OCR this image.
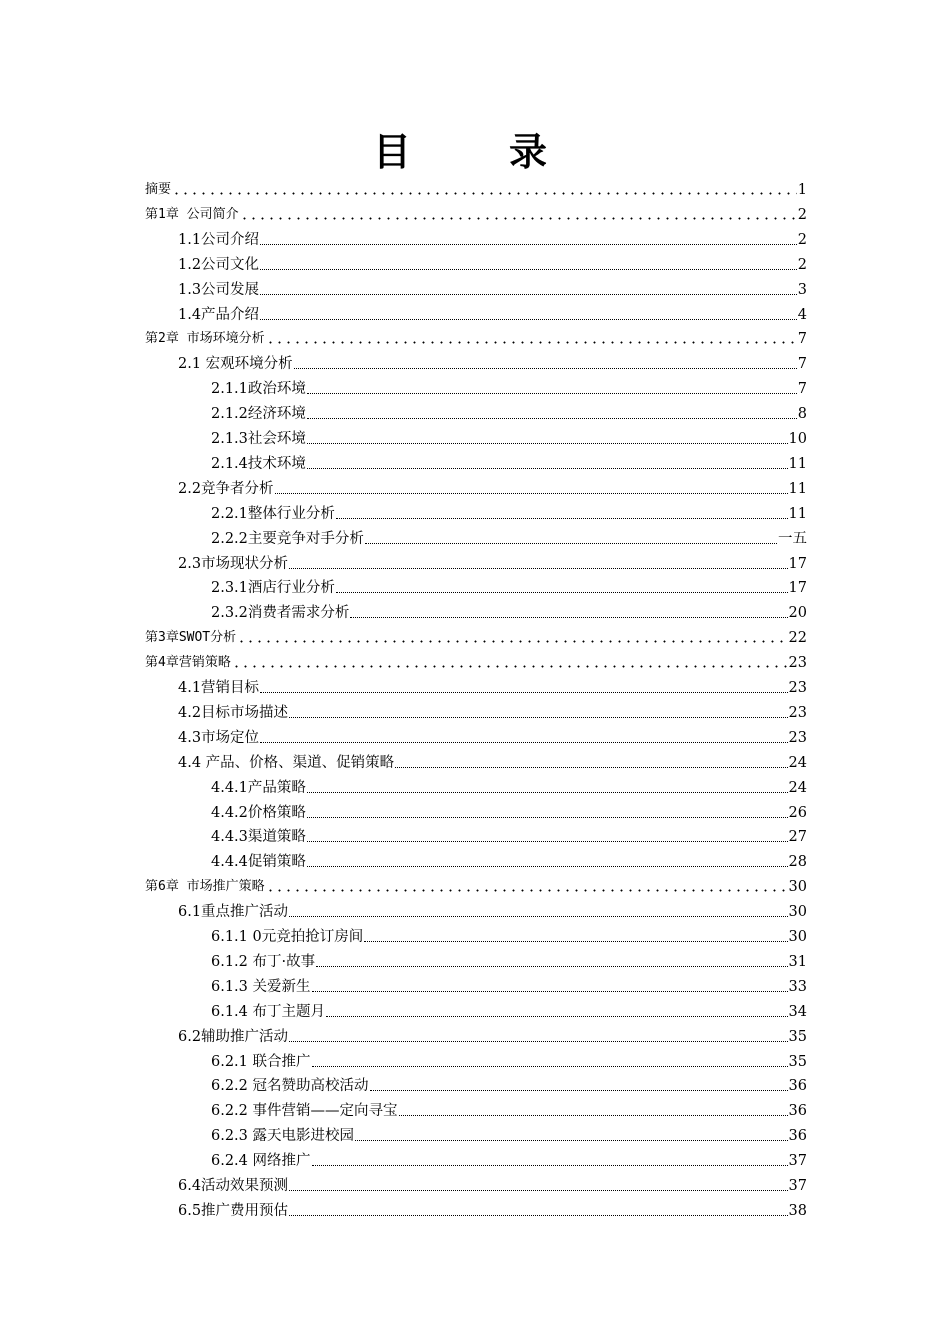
目　录
摘要	1
第1章 公司简介	2
1.1公司介绍	2
1.2公司文化	2
1.3公司发展	3
1.4产品介绍	4
第2章 市场环境分析	7
2.1 宏观环境分析	7
2.1.1政治环境	7
2.1.2经济环境	8
2.1.3社会环境	10
2.1.4技术环境	11
2.2竞争者分析	11
2.2.1整体行业分析	11
2.2.2主要竞争对手分析	一五
2.3市场现状分析	17
2.3.1酒店行业分析	17
2.3.2消费者需求分析	20
第3章SWOT分析	22
第4章营销策略	23
4.1营销目标	23
4.2目标市场描述	23
4.3市场定位	23
4.4 产品、价格、渠道、促销策略	24
4.4.1产品策略	24
4.4.2价格策略	26
4.4.3渠道策略	27
4.4.4促销策略	28
第6章 市场推广策略	30
6.1重点推广活动	30
6.1.1 0元竞拍抢订房间	30
6.1.2 布丁·故事	31
6.1.3 关爱新生	33
6.1.4 布丁主题月	34
6.2辅助推广活动	35
6.2.1 联合推广	35
6.2.2 冠名赞助高校活动	36
6.2.2 事件营销——定向寻宝	36
6.2.3 露天电影进校园	36
6.2.4 网络推广	37
6.4活动效果预测	37
6.5推广费用预估	38
